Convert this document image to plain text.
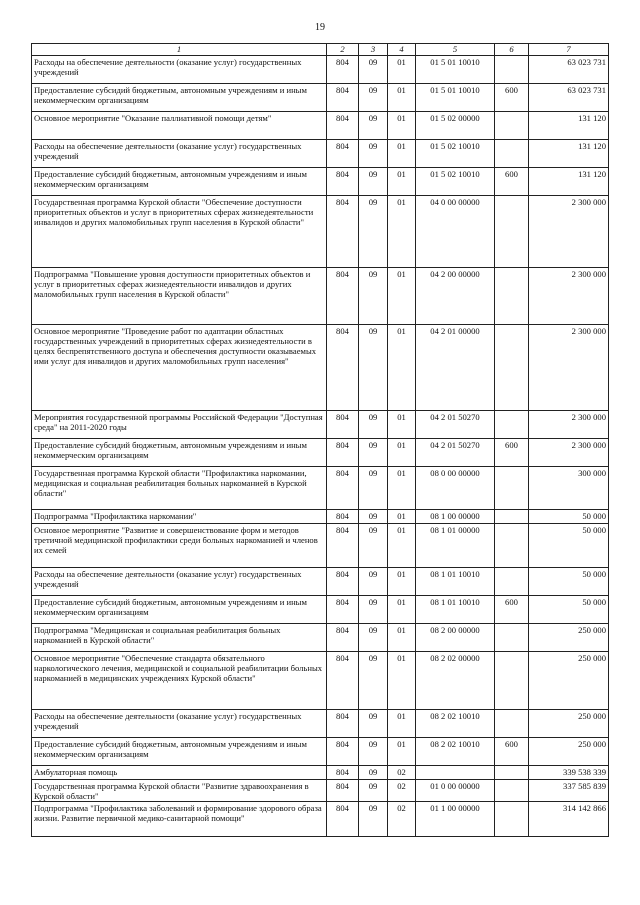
19
1	2	3	4	5	6	7
Расходы на обеспечение деятельности (оказание услуг) государственных учреждений	804	09	01	01 5 01 10010		63 023 731
Предоставление субсидий бюджетным, автономным учреждениям и иным некоммерческим организациям	804	09	01	01 5 01 10010	600	63 023 731
Основное мероприятие "Оказание паллиативной помощи детям"	804	09	01	01 5 02 00000		131 120
Расходы на обеспечение деятельности (оказание услуг) государственных учреждений	804	09	01	01 5 02 10010		131 120
Предоставление субсидий бюджетным, автономным учреждениям и иным некоммерческим организациям	804	09	01	01 5 02 10010	600	131 120
Государственная программа Курской области "Обеспечение доступности приоритетных объектов и услуг в приоритетных сферах жизнедеятельности инвалидов и других маломобильных групп населения в Курской области"	804	09	01	04 0 00 00000		2 300 000
Подпрограмма "Повышение уровня доступности приоритетных объектов и услуг в приоритетных сферах жизнедеятельности инвалидов и других маломобильных групп населения в Курской области"	804	09	01	04 2 00 00000		2 300 000
Основное мероприятие "Проведение работ по адаптации областных государственных учреждений в приоритетных сферах жизнедеятельности в целях беспрепятственного доступа и обеспечения доступности оказываемых ими услуг для инвалидов и других маломобильных групп населения"	804	09	01	04 2 01 00000		2 300 000
Мероприятия государственной программы Российской Федерации "Доступная среда" на 2011-2020 годы	804	09	01	04 2 01 50270		2 300 000
Предоставление субсидий бюджетным, автономным учреждениям и иным некоммерческим организациям	804	09	01	04 2 01 50270	600	2 300 000
Государственная программа Курской области "Профилактика наркомании, медицинская и социальная реабилитация больных наркоманией в Курской области"	804	09	01	08 0 00 00000		300 000
Подпрограмма "Профилактика наркомании"	804	09	01	08 1 00 00000		50 000
Основное мероприятие "Развитие и совершенствование форм и методов третичной медицинской профилактики среди больных наркоманией и членов их семей	804	09	01	08 1 01 00000		50 000
Расходы на обеспечение деятельности (оказание услуг) государственных учреждений	804	09	01	08 1 01 10010		50 000
Предоставление субсидий бюджетным, автономным учреждениям и иным некоммерческим организациям	804	09	01	08 1 01 10010	600	50 000
Подпрограмма "Медицинская и социальная реабилитация больных наркоманией в Курской области"	804	09	01	08 2 00 00000		250 000
Основное мероприятие "Обеспечение стандарта обязательного наркологического лечения, медицинской и социальной реабилитации больных наркоманией в медицинских учреждениях Курской области"	804	09	01	08 2 02 00000		250 000
Расходы на обеспечение деятельности (оказание услуг) государственных учреждений	804	09	01	08 2 02 10010		250 000
Предоставление субсидий бюджетным, автономным учреждениям и иным некоммерческим организациям	804	09	01	08 2 02 10010	600	250 000
Амбулаторная помощь	804	09	02			339 538 339
Государственная программа Курской области "Развитие здравоохранения в Курской области"	804	09	02	01 0 00 00000		337 585 839
Подпрограмма "Профилактика заболеваний и формирование здорового образа жизни. Развитие первичной медико-санитарной помощи"	804	09	02	01 1 00 00000		314 142 866
